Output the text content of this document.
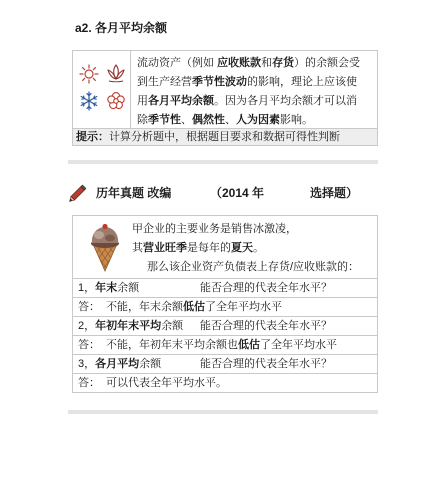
a2. 各月平均余额
流动资产（例如 应收账款和存货）的余额会受
到生产经营季节性波动的影响，理论上应该使
用各月平均余额。因为各月平均余额才可以消
除季节性、偶然性、人为因素影响。
提示：计算分析题中，根据题目要求和数据可得性判断
历年真题 改编	（2014 年	选择题）
甲企业的主要业务是销售冰激凌，
其营业旺季是每年的夏天。
那么该企业资产负债表上存货/应收账款的：
1，年末余额	能否合理的代表全年水平？
答： 不能，年末余额低估了全年平均水平
2，年初年末平均余额 能否合理的代表全年水平？
答： 不能，年初年末平均余额也低估了全年平均水平
3，各月平均余额	能否合理的代表全年水平？
答： 可以代表全年平均水平。
